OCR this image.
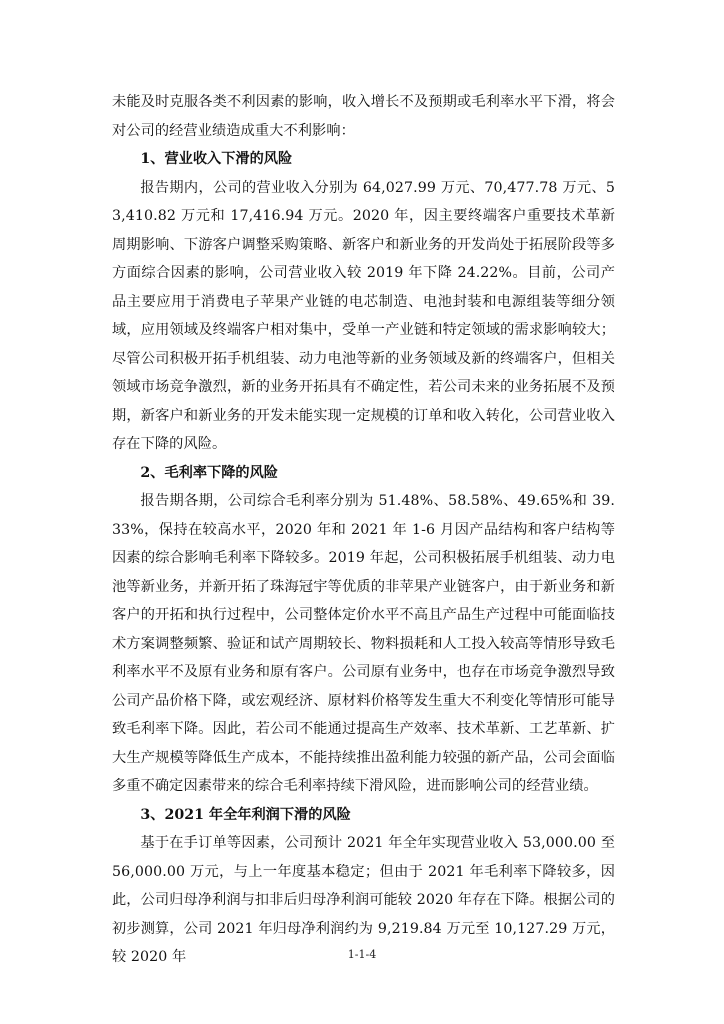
未能及时克服各类不利因素的影响，收入增长不及预期或毛利率水平下滑，将会对公司的经营业绩造成重大不利影响：

1、营业收入下滑的风险

报告期内，公司的营业收入分别为 64,027.99 万元、70,477.78 万元、53,410.82 万元和 17,416.94 万元。2020 年，因主要终端客户重要技术革新周期影响、下游客户调整采购策略、新客户和新业务的开发尚处于拓展阶段等多方面综合因素的影响，公司营业收入较 2019 年下降 24.22%。目前，公司产品主要应用于消费电子苹果产业链的电芯制造、电池封装和电源组装等细分领域，应用领域及终端客户相对集中，受单一产业链和特定领域的需求影响较大；尽管公司积极开拓手机组装、动力电池等新的业务领域及新的终端客户，但相关领域市场竞争激烈，新的业务开拓具有不确定性，若公司未来的业务拓展不及预期，新客户和新业务的开发未能实现一定规模的订单和收入转化，公司营业收入存在下降的风险。

2、毛利率下降的风险

报告期各期，公司综合毛利率分别为 51.48%、58.58%、49.65%和 39.33%，保持在较高水平，2020 年和 2021 年 1-6 月因产品结构和客户结构等因素的综合影响毛利率下降较多。2019 年起，公司积极拓展手机组装、动力电池等新业务，并新开拓了珠海冠宇等优质的非苹果产业链客户，由于新业务和新客户的开拓和执行过程中，公司整体定价水平不高且产品生产过程中可能面临技术方案调整频繁、验证和试产周期较长、物料损耗和人工投入较高等情形导致毛利率水平不及原有业务和原有客户。公司原有业务中，也存在市场竞争激烈导致公司产品价格下降，或宏观经济、原材料价格等发生重大不利变化等情形可能导致毛利率下降。因此，若公司不能通过提高生产效率、技术革新、工艺革新、扩大生产规模等降低生产成本，不能持续推出盈利能力较强的新产品，公司会面临多重不确定因素带来的综合毛利率持续下滑风险，进而影响公司的经营业绩。

3、2021 年全年利润下滑的风险

基于在手订单等因素，公司预计 2021 年全年实现营业收入 53,000.00 至 56,000.00 万元，与上一年度基本稳定；但由于 2021 年毛利率下降较多，因此，公司归母净利润与扣非后归母净利润可能较 2020 年存在下降。根据公司的初步测算，公司 2021 年归母净利润约为 9,219.84 万元至 10,127.29 万元，较 2020 年	1-1-4
